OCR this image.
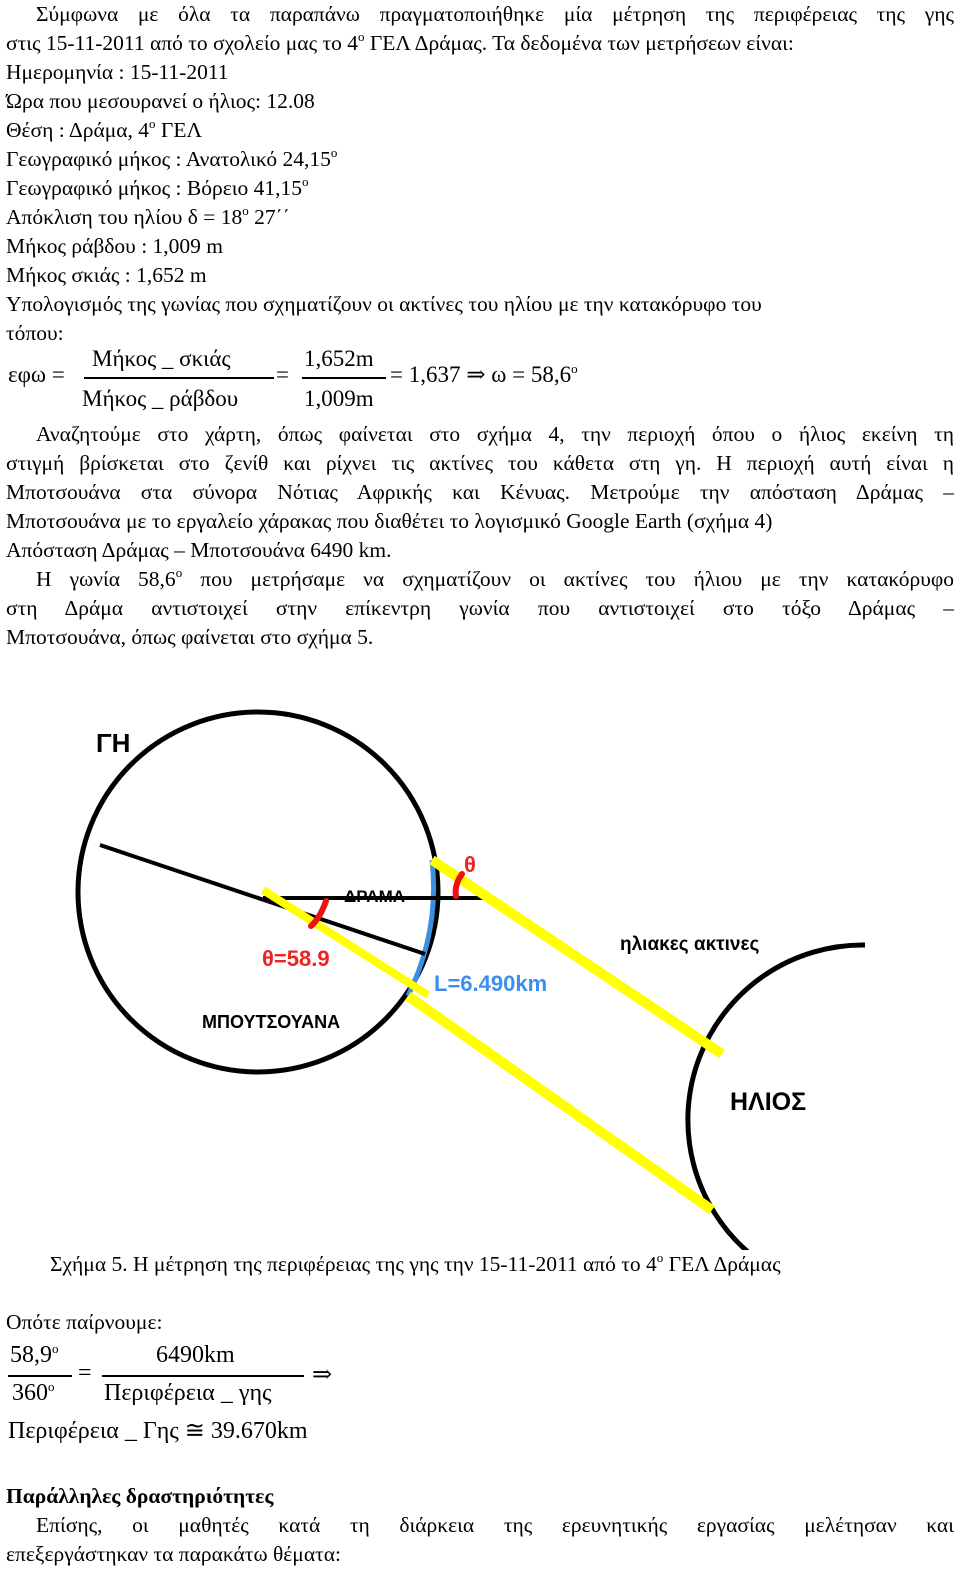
Σύμφωνα με όλα τα παραπάνω πραγματοποιήθηκε μία μέτρηση της περιφέρειας της γης
στις 15-11-2011 από το σχολείο μας το $4^o$ ΓΕΛ Δράμας. Τα δεδομένα των μετρήσεων είναι:
Ημερομηνία : 15-11-2011
Ώρα που μεσουρανεί ο ήλιος: 12.08
Θέση : Δράμα, $4^o$ ΓΕΛ
Γεωγραφικό μήκος : Ανατολικό $24,15^o$
Γεωγραφικό μήκος : Βόρειο $41,15^o$
Απόκλιση του ηλίου $\delta = 18^o$ 27΄΄
Μήκος ράβδου : 1,009 m
Μήκος σκιάς : 1,652 m
Υπολογισμός της γωνίας που σχηματίζουν οι ακτίνες του ηλίου με την κατακόρυφο του
τόπου:
εφω =
Μήκος _ σκιάς
Μήκος _ ράβδου
=
1,652m
1,009m
= 1,637 ⇒ $\omega = 58,6^o$
Αναζητούμε στο χάρτη, όπως φαίνεται στο σχήμα 4, την περιοχή όπου ο ήλιος εκείνη τη
στιγμή βρίσκεται στο ζενίθ και ρίχνει τις ακτίνες του κάθετα στη γη. Η περιοχή αυτή είναι η
Μποτσουάνα στα σύνορα Νότιας Αφρικής και Κένυας. Μετρούμε την απόσταση Δράμας –
Μποτσουάνα με το εργαλείο χάρακας που διαθέτει το λογισμικό Google Earth (σχήμα 4)
Απόσταση Δράμας – Μποτσουάνα 6490 km.
Η γωνία $58,6^o$ που μετρήσαμε να σχηματίζουν οι ακτίνες του ήλιου με την κατακόρυφο
στη Δράμα αντιστοιχεί στην επίκεντρη γωνία που αντιστοιχεί στο τόξο Δράμας –
Μποτσουάνα, όπως φαίνεται στο σχήμα 5.
ΓΗ
ΔΡΑΜΑ
θ
θ=58.9
L=6.490km
ηλιακες ακτινες
ΜΠΟΥΤΣΟΥΑΝΑ
ΗΛΙΟΣ
Σχήμα 5. Η μέτρηση της περιφέρειας της γης την 15-11-2011 από το $4^o$ ΓΕΛ Δράμας
Οπότε παίρνουμε:
$58,9^o$
$360^o$
=
6490km
Περιφέρεια _ γης
⇒
Περιφέρεια _ Γης ≅ 39.670km
Παράλληλες δραστηριότητες
Επίσης, οι μαθητές κατά τη διάρκεια της ερευνητικής εργασίας μελέτησαν και
επεξεργάστηκαν τα παρακάτω θέματα:
